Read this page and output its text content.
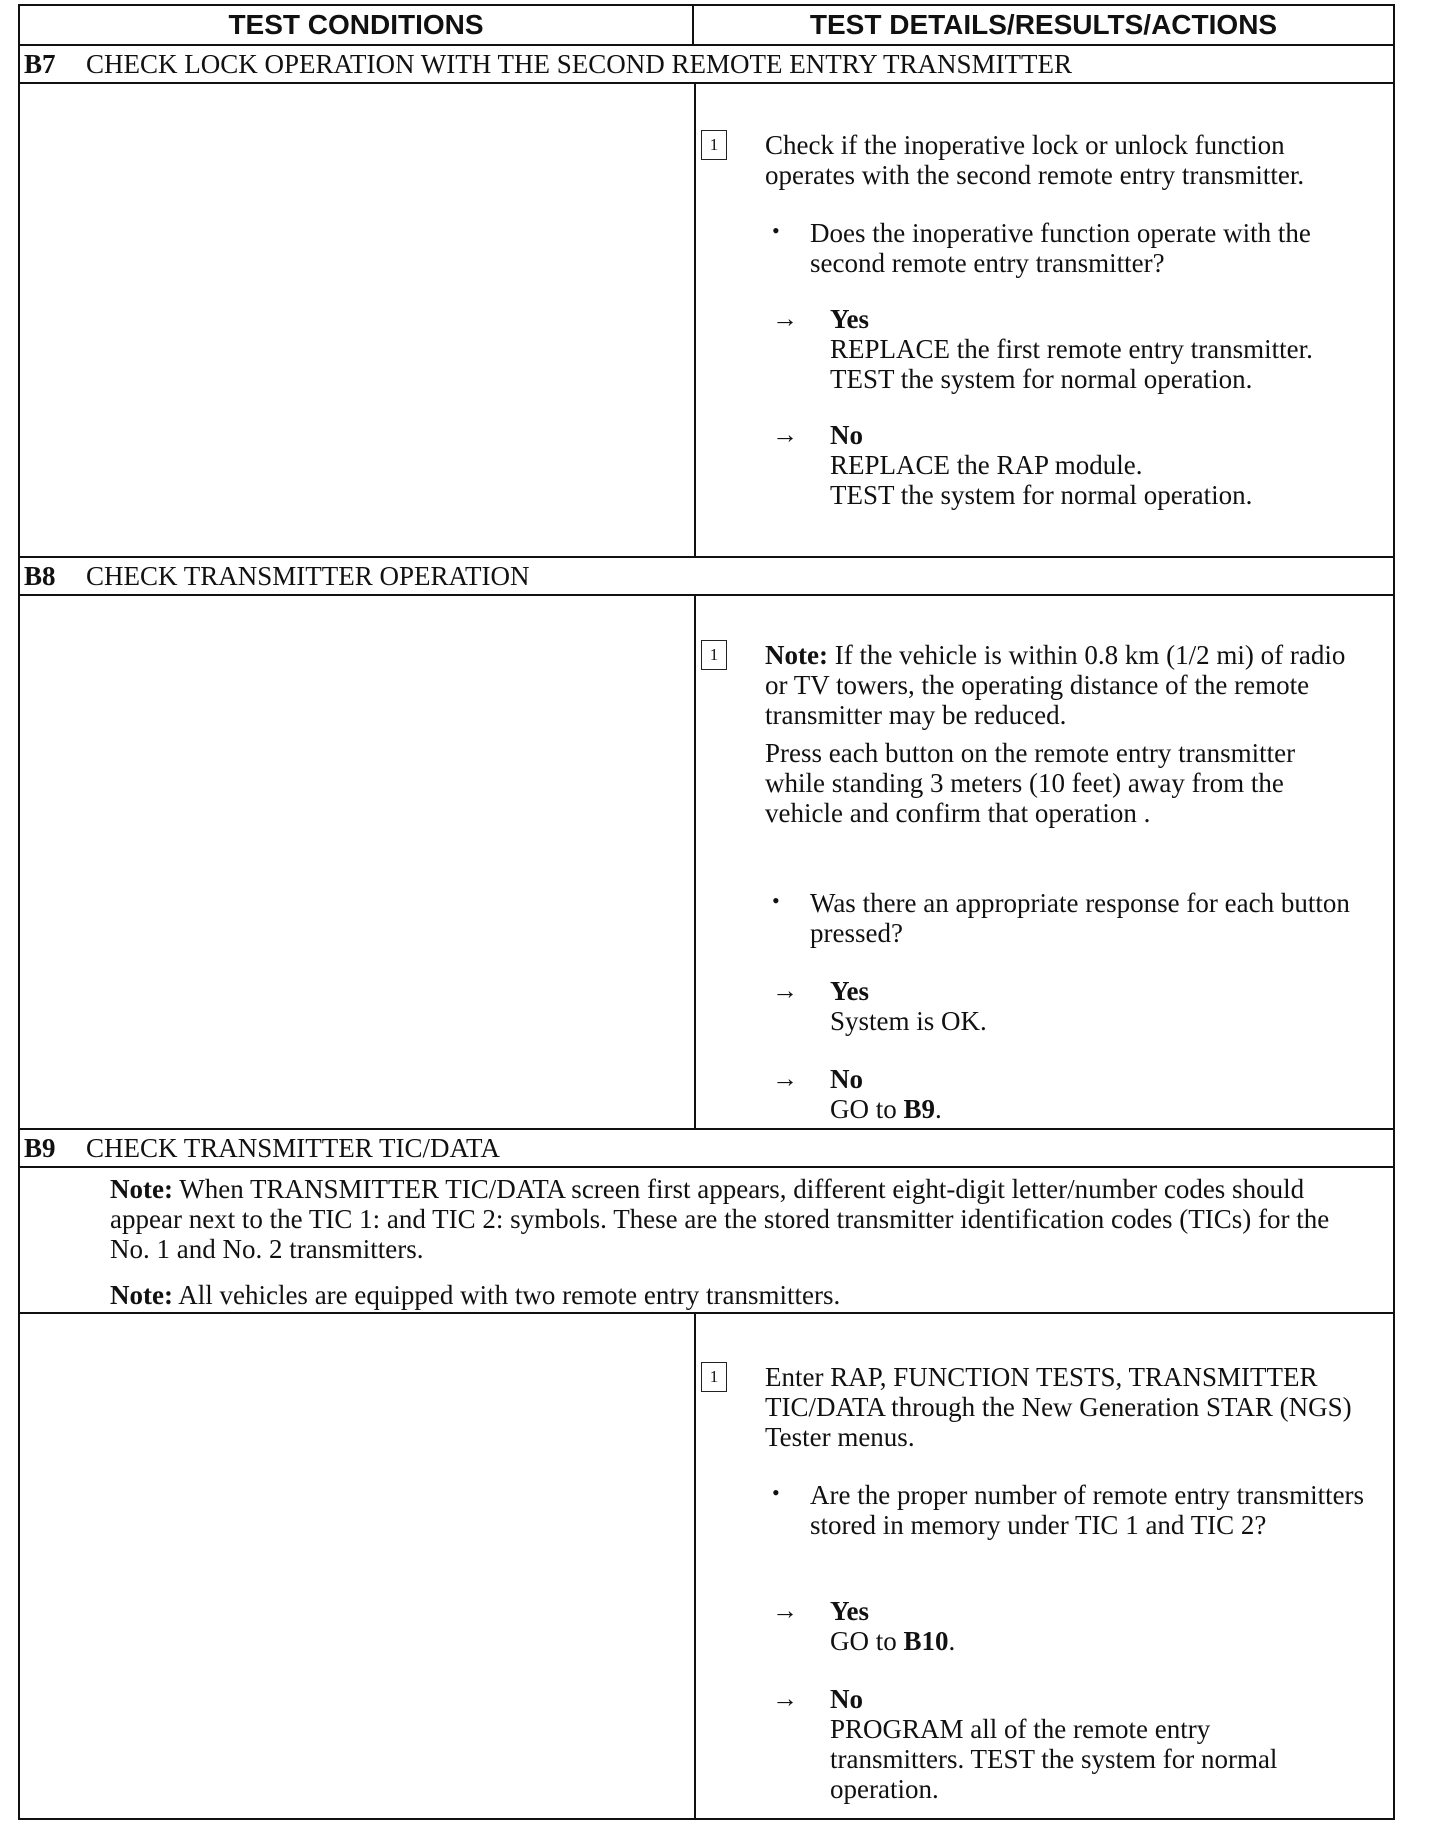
TEST CONDITIONS	TEST DETAILS/RESULTS/ACTIONS
B7	CHECK LOCK OPERATION WITH THE SECOND REMOTE ENTRY TRANSMITTER
1	Check if the inoperative lock or unlock function operates with the second remote entry transmitter.
• Does the inoperative function operate with the second remote entry transmitter?
→ Yes
REPLACE the first remote entry transmitter.
TEST the system for normal operation.
→ No
REPLACE the RAP module.
TEST the system for normal operation.
B8	CHECK TRANSMITTER OPERATION
1	Note: If the vehicle is within 0.8 km (1/2 mi) of radio or TV towers, the operating distance of the remote transmitter may be reduced.
Press each button on the remote entry transmitter while standing 3 meters (10 feet) away from the vehicle and confirm that operation .
• Was there an appropriate response for each button pressed?
→ Yes
System is OK.
→ No
GO to B9.
B9	CHECK TRANSMITTER TIC/DATA
Note: When TRANSMITTER TIC/DATA screen first appears, different eight-digit letter/number codes should appear next to the TIC 1: and TIC 2: symbols. These are the stored transmitter identification codes (TICs) for the No. 1 and No. 2 transmitters.
Note: All vehicles are equipped with two remote entry transmitters.
1	Enter RAP, FUNCTION TESTS, TRANSMITTER TIC/DATA through the New Generation STAR (NGS) Tester menus.
• Are the proper number of remote entry transmitters stored in memory under TIC 1 and TIC 2?
→ Yes
GO to B10.
→ No
PROGRAM all of the remote entry transmitters. TEST the system for normal operation.
